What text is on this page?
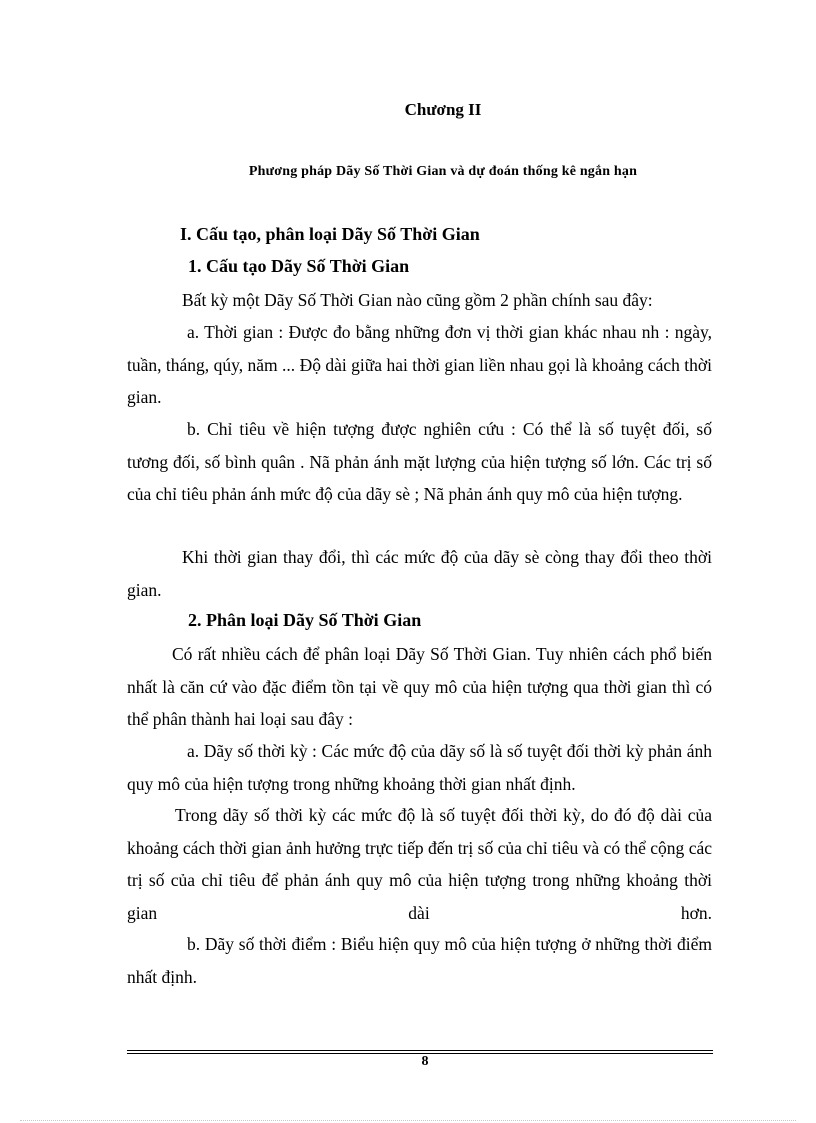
Chương II
Phương pháp Dãy Số Thời Gian và dự đoán thống kê ngắn hạn
I. Cấu tạo, phân loại Dãy Số Thời Gian
1. Cấu tạo Dãy Số Thời Gian

Bất kỳ một Dãy Số Thời Gian nào cũng gồm 2 phần chính sau đây:

a. Thời gian : Được đo bằng những đơn vị thời gian khác nhau nh : ngày, tuần, tháng, qúy, năm ... Độ dài giữa hai thời gian liền nhau gọi là khoảng cách thời gian.

b. Chỉ tiêu về hiện tượng được nghiên cứu : Có thể là số tuyệt đối, số tương đối, số bình quân . Nã phản ánh mặt lượng của hiện tượng số lớn. Các trị số của chỉ tiêu phản ánh mức độ của dãy sè ; Nã phản ánh quy mô của hiện tượng.

Khi thời gian thay đổi, thì các mức độ của dãy sè còng thay đổi theo thời gian.

2. Phân loại Dãy Số Thời Gian

Có rất nhiều cách để phân loại Dãy Số Thời Gian. Tuy nhiên cách phổ biến nhất là căn cứ vào đặc điểm tồn tại về quy mô của hiện tượng qua thời gian thì có thể phân thành hai loại sau đây :

a. Dãy số thời kỳ : Các mức độ của dãy số là số tuyệt đối thời kỳ phản ánh quy mô của hiện tượng trong những khoảng thời gian nhất định.

Trong dãy số thời kỳ các mức độ là số tuyệt đối thời kỳ, do đó độ dài của khoảng cách thời gian ảnh hưởng trực tiếp đến trị số của chỉ tiêu và có thể cộng các trị số của chỉ tiêu để phản ánh quy mô của hiện tượng trong những khoảng thời gian dài hơn.

b. Dãy số thời điểm : Biểu hiện quy mô của hiện tượng ở những thời điểm nhất định.

8
